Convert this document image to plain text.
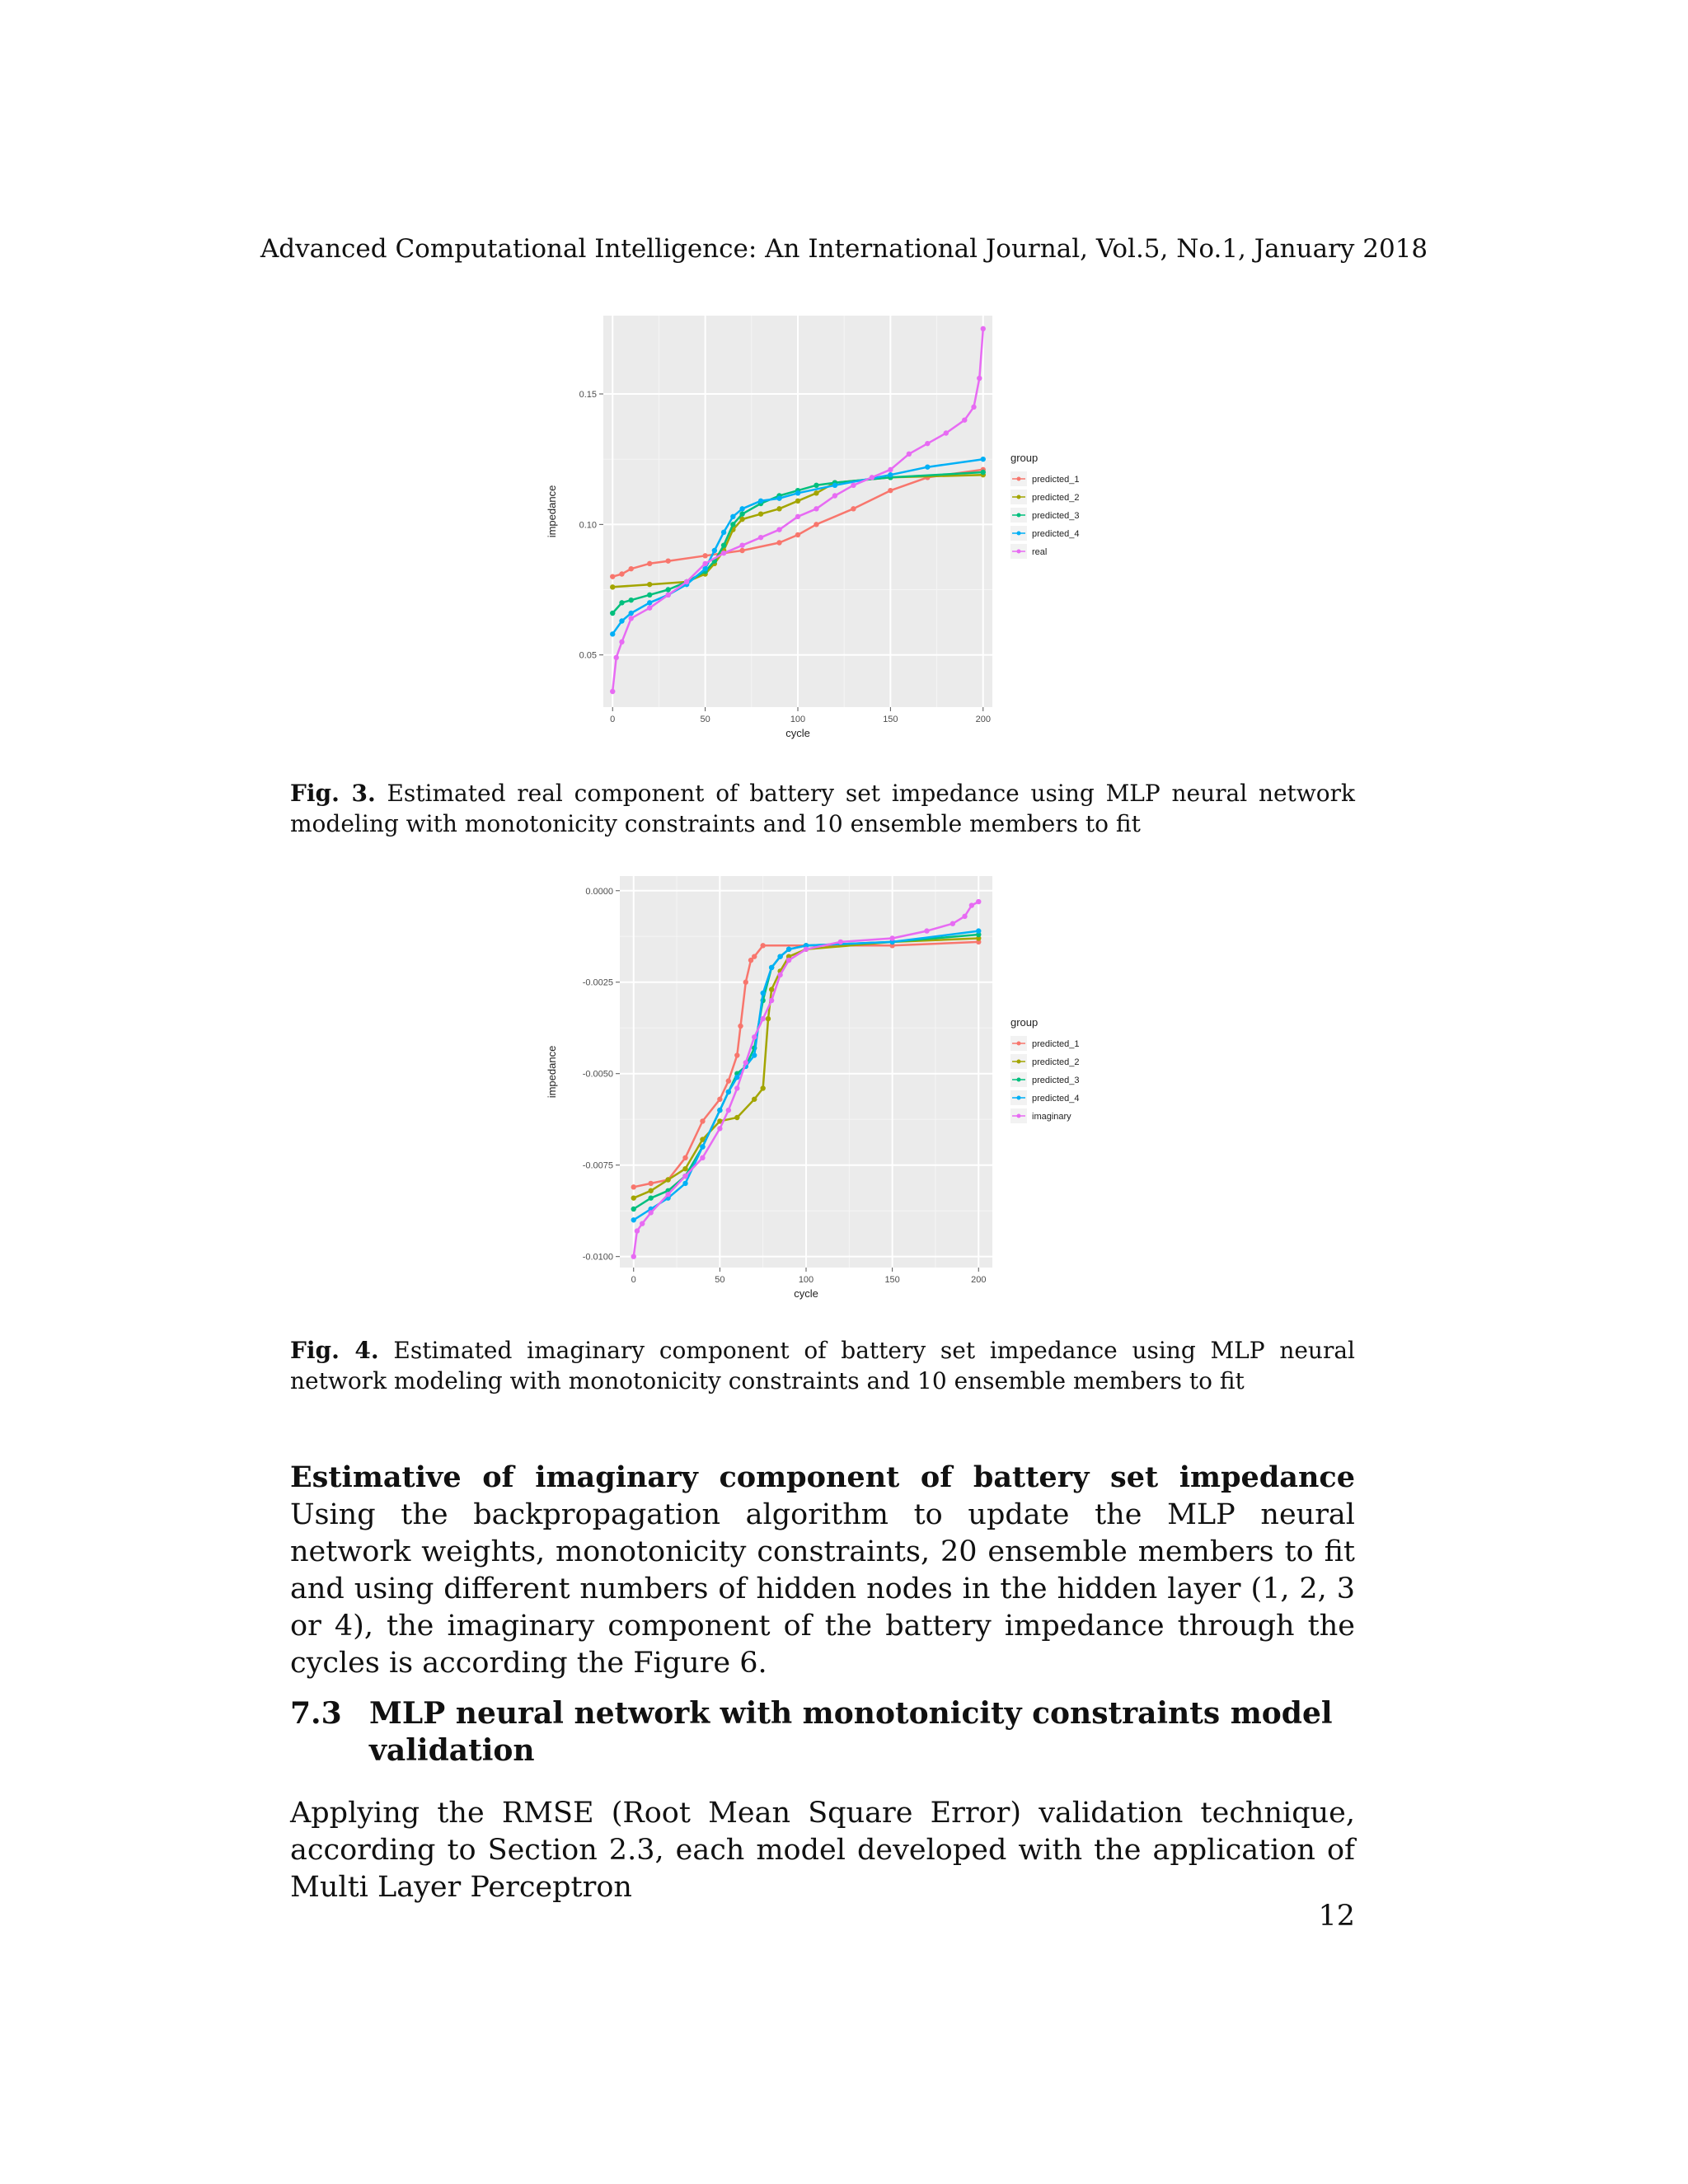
Advanced Computational Intelligence: An International Journal, Vol.5, No.1, January 2018
0	50	100	150	200
0.05
0.10
0.15
cycle
impedance
group
predicted_1
predicted_2
predicted_3
predicted_4
real
Fig. 3. Estimated real component of battery set impedance using MLP neural network modeling with monotonicity constraints and 10 ensemble members to fit
0	50	100	150	200
-0.0100
-0.0075
-0.0050
-0.0025
0.0000
cycle
impedance
group
predicted_1
predicted_2
predicted_3
predicted_4
imaginary
Fig. 4. Estimated imaginary component of battery set impedance using MLP neural network modeling with monotonicity constraints and 10 ensemble members to fit
Estimative of imaginary component of battery set impedance Using the backpropagation algorithm to update the MLP neural network weights, monotonicity constraints, 20 ensemble members to fit and using different numbers of hidden nodes in the hidden layer (1, 2, 3 or 4), the imaginary component of the battery impedance through the cycles is according the Figure 6.
7.3 MLP neural network with monotonicity constraints model validation
Applying the RMSE (Root Mean Square Error) validation technique, according to Section 2.3, each model developed with the application of Multi Layer Perceptron
12
